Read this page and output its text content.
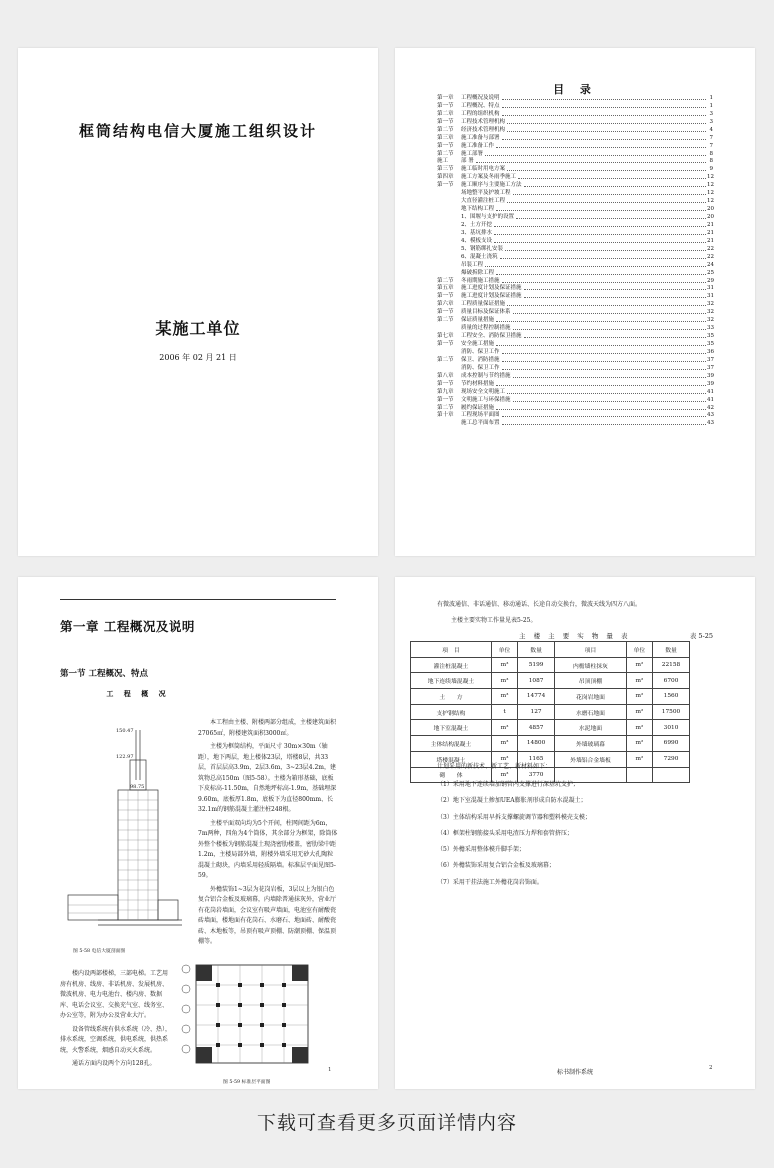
框筒结构电信大厦施工组织设计
某施工单位
2006 年 02 月 21 日
目 录
第一章	工程概况及说明	1
第一节	工程概况、特点	1
第二章	工程的组织机构	3
第一节	工程技术管理机构	3
第二节	经济技术管理机构	4
第三章	施工准备与部署	7
第一节	施工准备工作	7
第二节	施工部署	8
施工	部 署	8
第三节	施工临时用电方案	9
第四章	施工方案及冬雨季施工	12
第一节	施工顺序与主要施工方法	12
场地整平及护坡工程	12
大直径灌注桩工程	12
地下结构工程	20
1、围堰与支护的设置	20
2、土方开挖	21
3、基坑排水	21
4、模板支设	21
5、钢筋绑扎安装	22
6、混凝土浇筑	22
吊装工程	24
爆破拆除工程	25
第二节	冬雨期施工措施	29
第五章	施工进度计划及保证措施	31
第一节	施工进度计划及保证措施	31
第六章	工程质量保证措施	32
第一节	质量目标及保证体系	32
第二节	保证质量措施	32
质量的过程控制措施	33
第七章	工程安全、消防保卫措施	35
第一节	安全施工措施	35
消防、保卫工作	36
第二节	保卫、消防措施	37
消防、保卫工作	37
第八章	成本控制与节约措施	39
第一节	节约材料措施	39
第九章	现场安全文明施工	41
第一节	文明施工与环保措施	41
第二节	履约保证措施	42
第十章	工程现场平面图	43
施工总平面布置	43
第一章 工程概况及说明
第一节 工程概况、特点
工 程 概 况
150.47
122.97
98.75
图 5-58 电信大厦剖面图

本工程由主楼、附楼两部分组成，主楼建筑面积27065㎡，附楼建筑面积3000㎡。

主楼为框筒结构，平面尺寸 30m×30m（轴距），地下两层，地上楼体23层，塔楼8层，共33层，首层层高3.9m，2层3.6m，3~23层4.2m，建筑物总高150m（图5-58）。主楼为箱形基础，底板下皮标高-11.50m，自然地坪标高-1.9m，基础埋深9.60m，底板厚1.8m，底板下为直径800mm、长32.1m的钢筋混凝土灌注桩248根。

主楼平面双向均为5个开间，柱网间距为6m，7m两种，四角为4个筒体，其余部分为框架，除筒体外整个楼板为钢筋混凝土现浇密肋楼盖，密肋梁中距1.2m，主楼局部外墙，附楼外墙采用无砂大孔陶粒混凝土砌块，内墙采用轻质隔墙。标准层平面见图5-59。

外檐装饰1~3层为花岗岩板，3层以上为银白色复合铝合金板及玻璃幕，内墙除普通抹灰外，营业厅有花岗岩墙面，会议室有吸声墙面，电池室有耐酸瓷砖墙面，楼地面有花岗石、水磨石、地面砖、耐酸瓷砖、木地板等，吊顶有吸声顶棚、防潮顶棚、保温顶棚等。

图 5-59 标准层平面图

楼内设两部楼梯，三部电梯。工艺用房有机房、线房、非话机房、发展机房、微波机房、电力电池台、楼内房、数据库、电话会议室、交换充气室、线务室、办公室等，附为办公及营业大厅。

设备管线系统有供水系统（冷、热），排水系统，空调系统，供电系统，供热系统，火警系统，烟感自动灭火系统。

通话方面内设两个方向128孔。

1
有微波通信、非话通信、移动通话、长途自动交换台，微波天线为四方八面。
主楼主要实物工作量见表5-25。
主 楼 主 要 实 物 量 表	表 5-25
项　目	单位	数量	项目	单位	数量
灌注桩混凝土	m³	5199	内檐墙柱抹灰	m²	22158
地下连续墙混凝土	m³	1087	吊顶顶棚	m²	6700
土　　方	m³	14774	花岗岩地面	m²	1560
支护钢结构	t	127	水磨石地面	m²	17500
地下室混凝土	m³	4857	水泥地面	m²	3010
主体结构混凝土	m³	14800	外墙玻璃幕	m²	6990
塔楼混凝土	m³	1165	外墙铝合金墙板	m²	7290
砌　　体	m³	3770			
计划采用的新技术、新工艺、新材料如下：
（1）采用地下连续墙加钢管内支撑进行深基坑支护；
（2）地下室混凝土掺加UEA膨胀剂形成自防水混凝土；
（3）主体结构采用早拆支撑螺旋调节器和塑料模壳支模；
（4）框架柱钢筋接头采用电渣压力焊和套管挤压；
（5）外檐采用整体模升脚手架；
（6）外檐装饰采用复合铝合金板及玻璃幕；
（7）采用干挂法施工外檐花岗岩饰面。
标书制作系统
2
下载可查看更多页面详情内容
